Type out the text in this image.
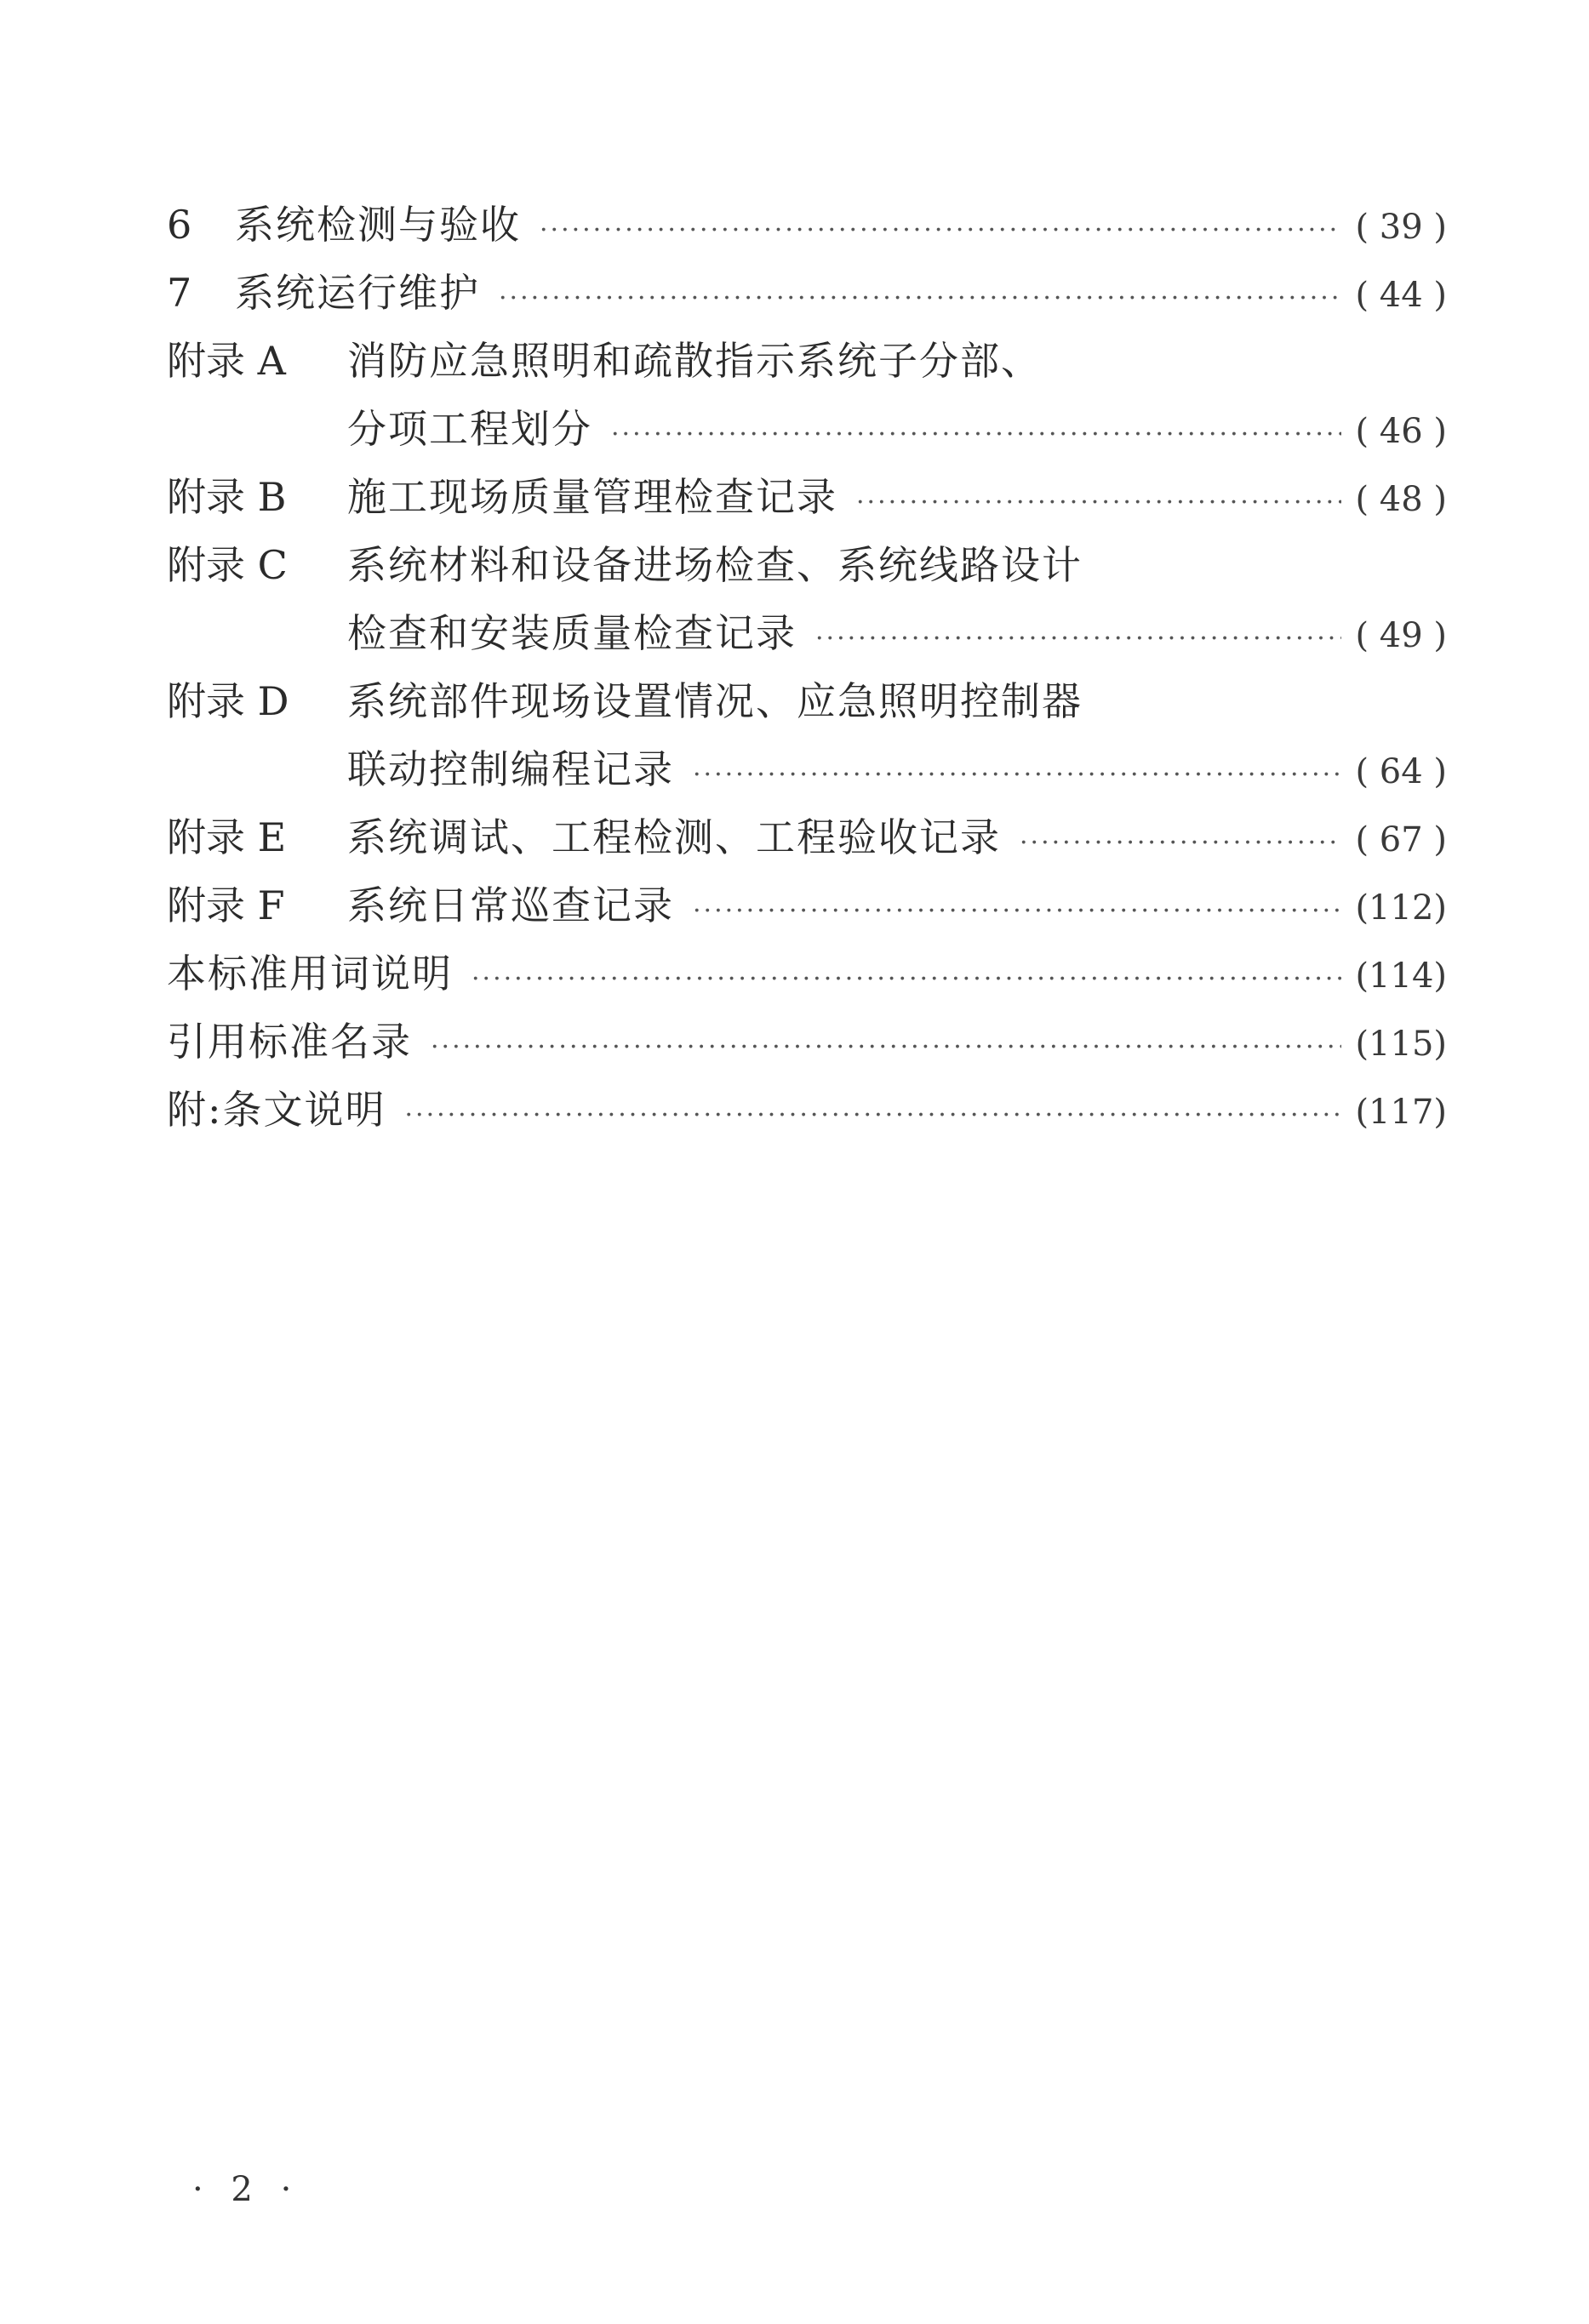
6	系统检测与验收 ·····	( 39 )
7	系统运行维护 ·····	( 44 )
附录 A	消防应急照明和疏散指示系统子分部、
分项工程划分 ·····	( 46 )
附录 B	施工现场质量管理检查记录 ·····	( 48 )
附录 C	系统材料和设备进场检查、系统线路设计
检查和安装质量检查记录 ·····	( 49 )
附录 D	系统部件现场设置情况、应急照明控制器
联动控制编程记录 ·····	( 64 )
附录 E	系统调试、工程检测、工程验收记录 ·····	( 67 )
附录 F	系统日常巡查记录 ·····	(112)
本标准用词说明 ·····	(114)
引用标准名录 ·····	(115)
附:条文说明 ·····	(117)
· 2 ·
